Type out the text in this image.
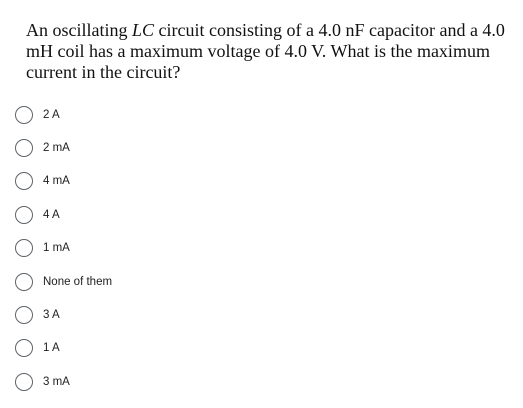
An oscillating LC circuit consisting of a 4.0 nF capacitor and a 4.0 mH coil has a maximum voltage of 4.0 V. What is the maximum current in the circuit?

2 A
2 mA
4 mA
4 A
1 mA
None of them
3 A
1 A
3 mA
